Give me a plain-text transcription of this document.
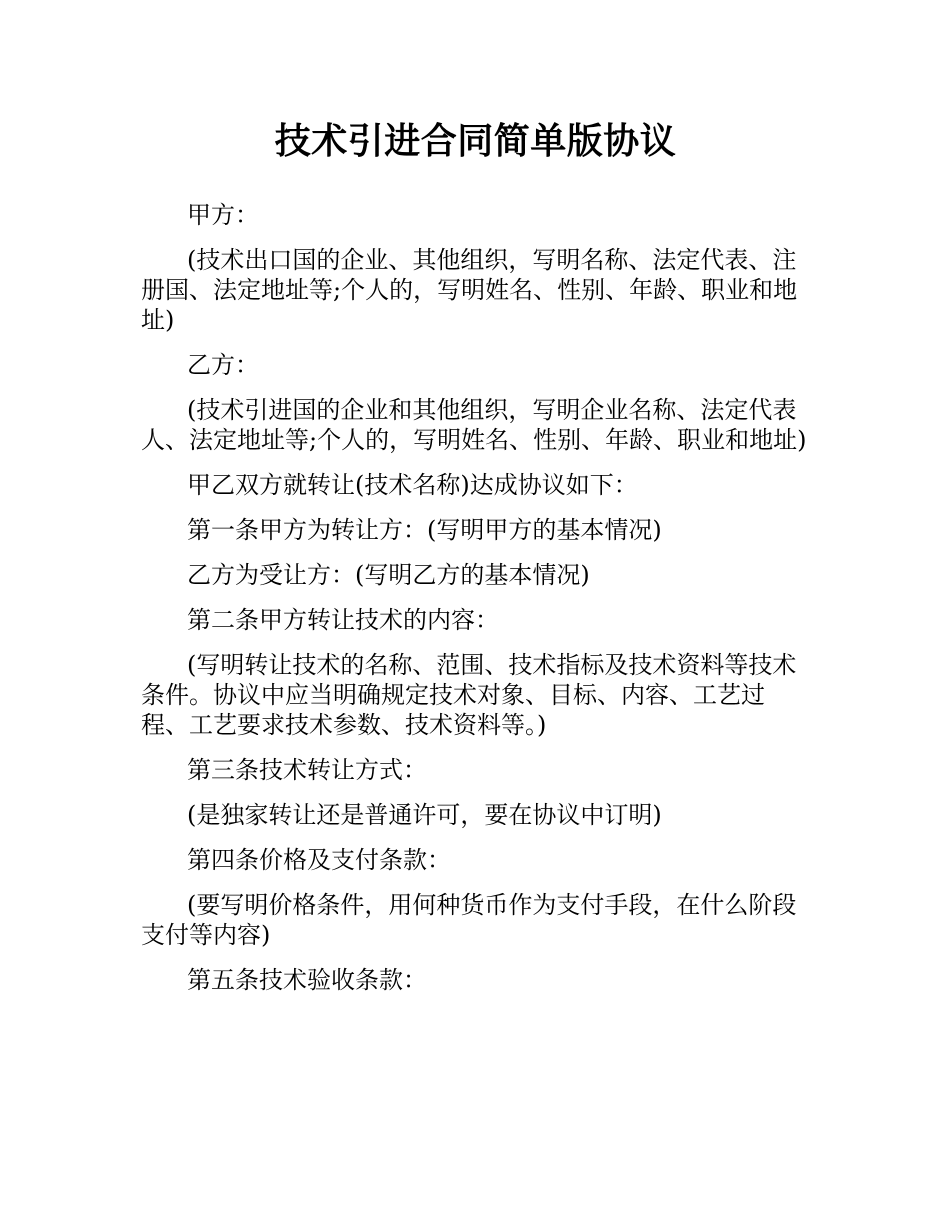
技术引进合同简单版协议

甲方：

(技术出口国的企业、其他组织，写明名称、法定代表、注册国、法定地址等;个人的，写明姓名、性别、年龄、职业和地址)

乙方：

(技术引进国的企业和其他组织，写明企业名称、法定代表人、法定地址等;个人的，写明姓名、性别、年龄、职业和地址)

甲乙双方就转让(技术名称)达成协议如下：

第一条甲方为转让方：(写明甲方的基本情况)

乙方为受让方：(写明乙方的基本情况)

第二条甲方转让技术的内容：

(写明转让技术的名称、范围、技术指标及技术资料等技术条件。协议中应当明确规定技术对象、目标、内容、工艺过程、工艺要求技术参数、技术资料等。)

第三条技术转让方式：

(是独家转让还是普通许可，要在协议中订明)

第四条价格及支付条款：

(要写明价格条件，用何种货币作为支付手段，在什么阶段支付等内容)

第五条技术验收条款：
